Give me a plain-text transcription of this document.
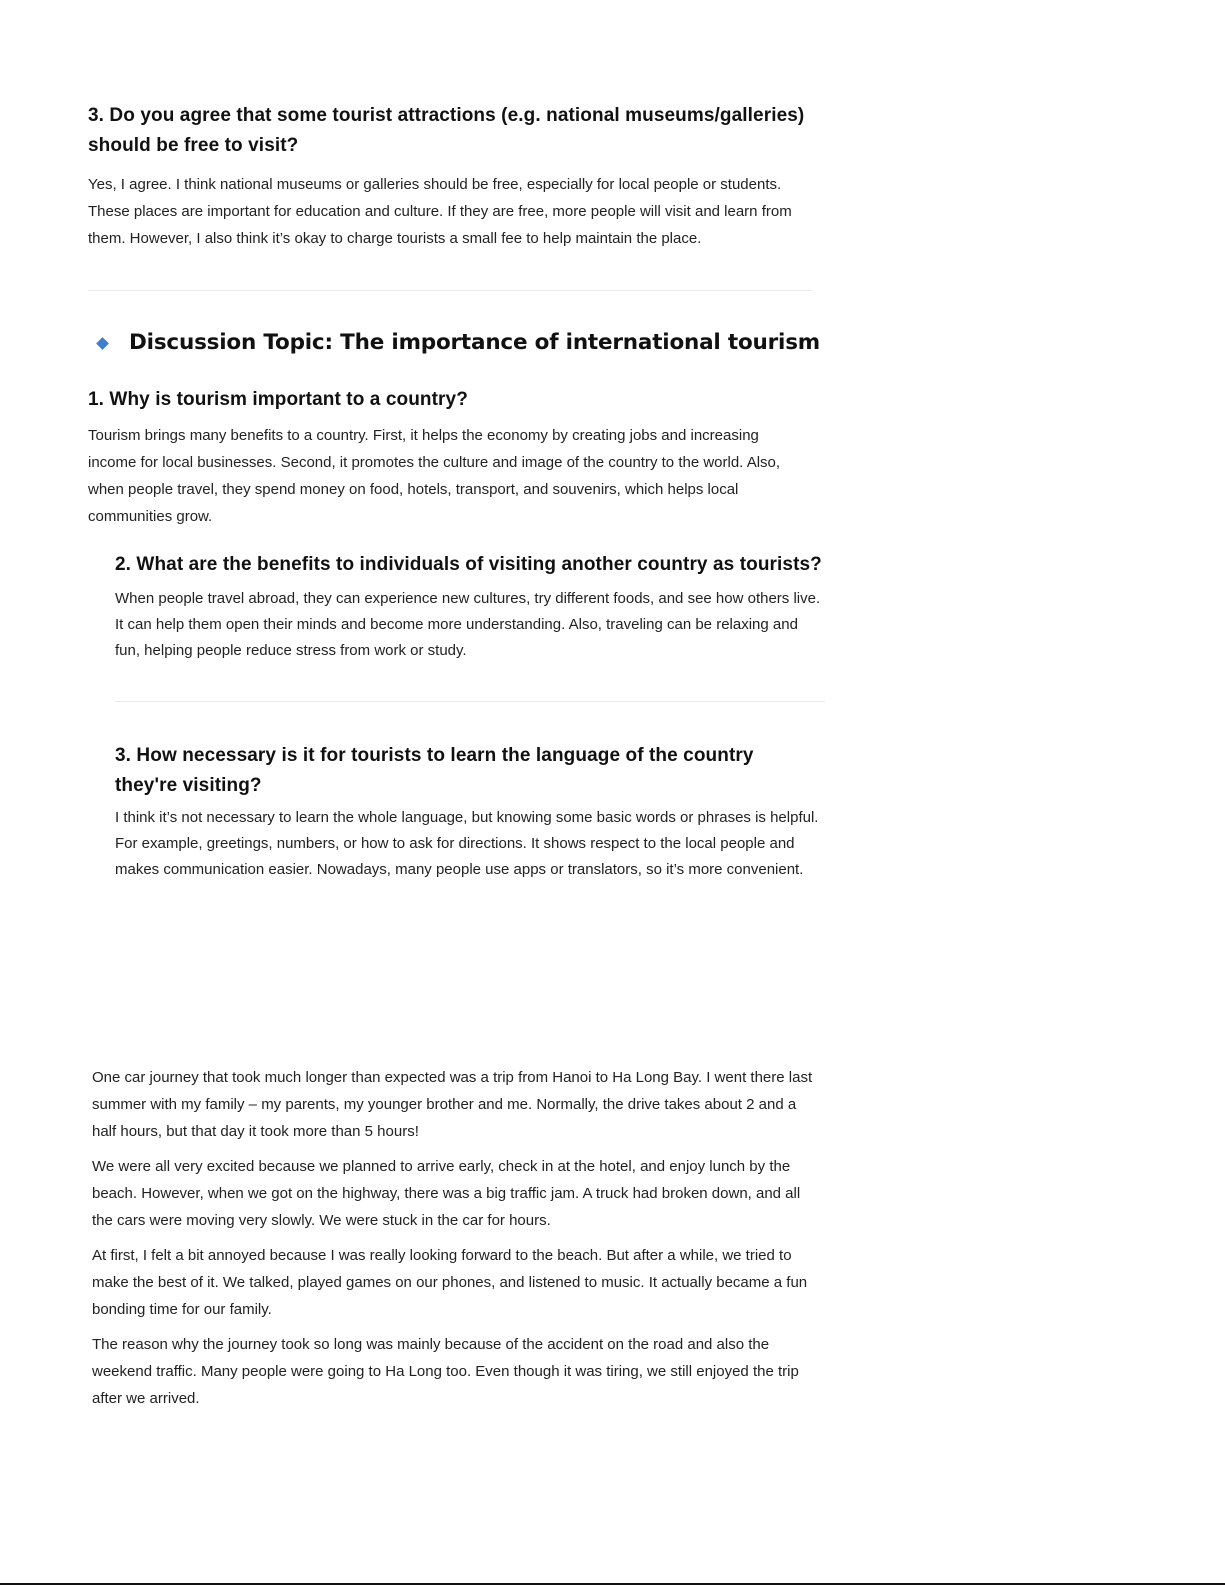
3. Do you agree that some tourist attractions (e.g. national museums/galleries) should be free to visit?

Yes, I agree. I think national museums or galleries should be free, especially for local people or students. These places are important for education and culture. If they are free, more people will visit and learn from them. However, I also think it’s okay to charge tourists a small fee to help maintain the place.

Discussion Topic: The importance of international tourism
1. Why is tourism important to a country?

Tourism brings many benefits to a country. First, it helps the economy by creating jobs and increasing income for local businesses. Second, it promotes the culture and image of the country to the world. Also, when people travel, they spend money on food, hotels, transport, and souvenirs, which helps local communities grow.

2. What are the benefits to individuals of visiting another country as tourists?

When people travel abroad, they can experience new cultures, try different foods, and see how others live. It can help them open their minds and become more understanding. Also, traveling can be relaxing and fun, helping people reduce stress from work or study.

3. How necessary is it for tourists to learn the language of the country they're visiting?

I think it’s not necessary to learn the whole language, but knowing some basic words or phrases is helpful. For example, greetings, numbers, or how to ask for directions. It shows respect to the local people and makes communication easier. Nowadays, many people use apps or translators, so it’s more convenient.

One car journey that took much longer than expected was a trip from Hanoi to Ha Long Bay. I went there last summer with my family – my parents, my younger brother and me. Normally, the drive takes about 2 and a half hours, but that day it took more than 5 hours!

We were all very excited because we planned to arrive early, check in at the hotel, and enjoy lunch by the beach. However, when we got on the highway, there was a big traffic jam. A truck had broken down, and all the cars were moving very slowly. We were stuck in the car for hours.

At first, I felt a bit annoyed because I was really looking forward to the beach. But after a while, we tried to make the best of it. We talked, played games on our phones, and listened to music. It actually became a fun bonding time for our family.

The reason why the journey took so long was mainly because of the accident on the road and also the weekend traffic. Many people were going to Ha Long too. Even though it was tiring, we still enjoyed the trip after we arrived.
